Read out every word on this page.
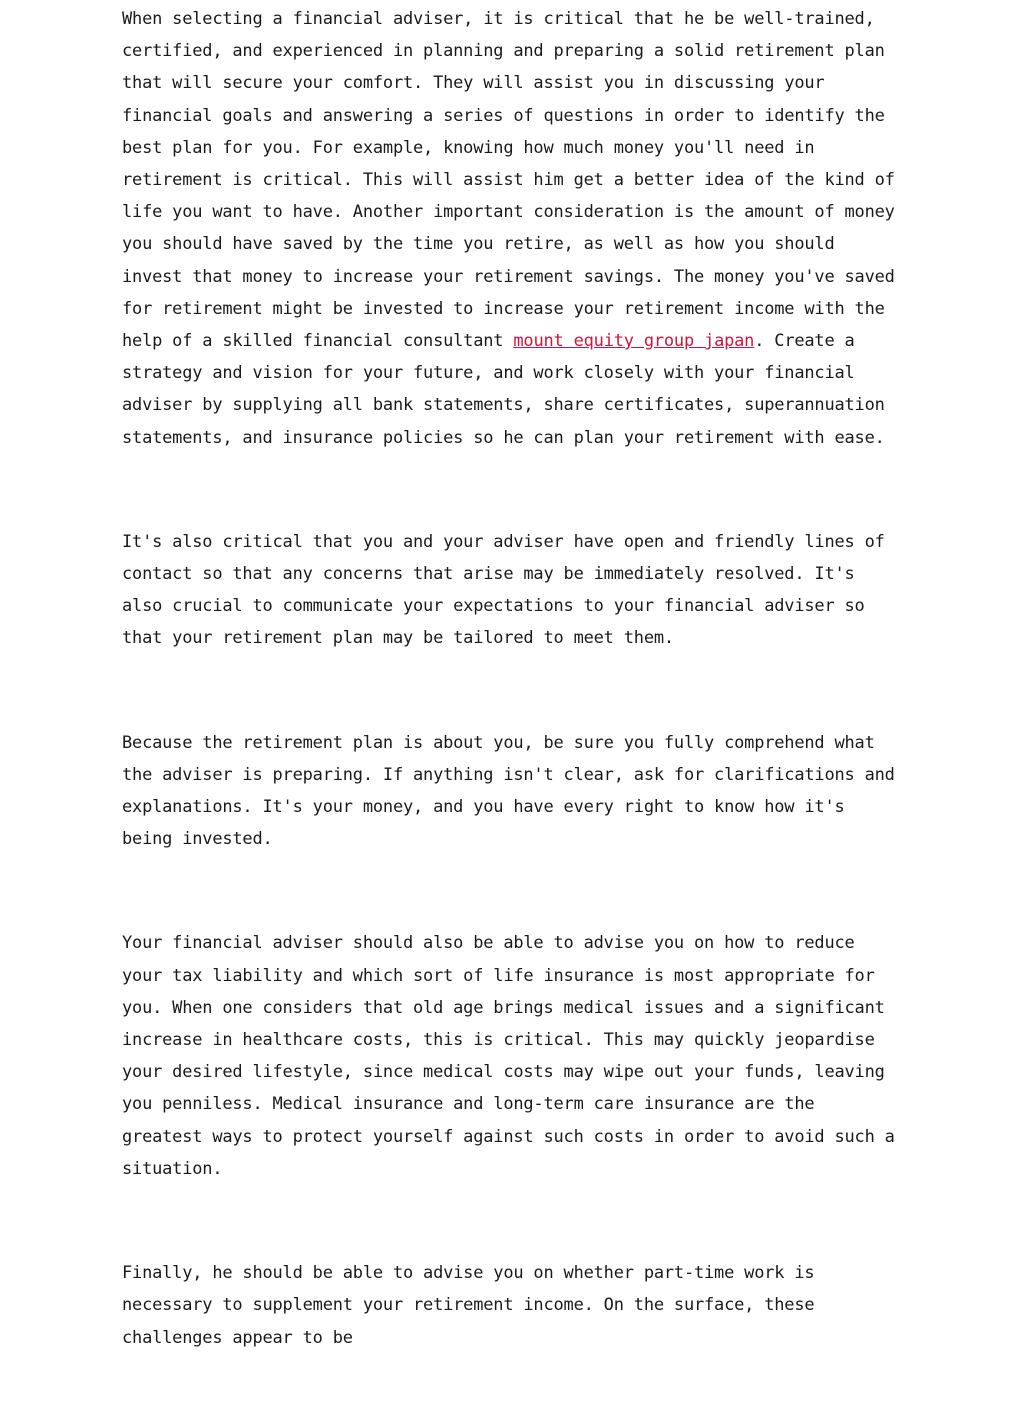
When selecting a financial adviser, it is critical that he be well-trained, certified, and experienced in planning and preparing a solid retirement plan that will secure your comfort. They will assist you in discussing your financial goals and answering a series of questions in order to identify the best plan for you. For example, knowing how much money you'll need in retirement is critical. This will assist him get a better idea of the kind of life you want to have. Another important consideration is the amount of money you should have saved by the time you retire, as well as how you should invest that money to increase your retirement savings. The money you've saved for retirement might be invested to increase your retirement income with the help of a skilled financial consultant mount equity group japan. Create a strategy and vision for your future, and work closely with your financial adviser by supplying all bank statements, share certificates, superannuation statements, and insurance policies so he can plan your retirement with ease.

It's also critical that you and your adviser have open and friendly lines of contact so that any concerns that arise may be immediately resolved. It's also crucial to communicate your expectations to your financial adviser so that your retirement plan may be tailored to meet them.

Because the retirement plan is about you, be sure you fully comprehend what the adviser is preparing. If anything isn't clear, ask for clarifications and explanations. It's your money, and you have every right to know how it's being invested.

Your financial adviser should also be able to advise you on how to reduce your tax liability and which sort of life insurance is most appropriate for you. When one considers that old age brings medical issues and a significant increase in healthcare costs, this is critical. This may quickly jeopardise your desired lifestyle, since medical costs may wipe out your funds, leaving you penniless. Medical insurance and long-term care insurance are the greatest ways to protect yourself against such costs in order to avoid such a situation.

Finally, he should be able to advise you on whether part-time work is necessary to supplement your retirement income. On the surface, these challenges appear to be
